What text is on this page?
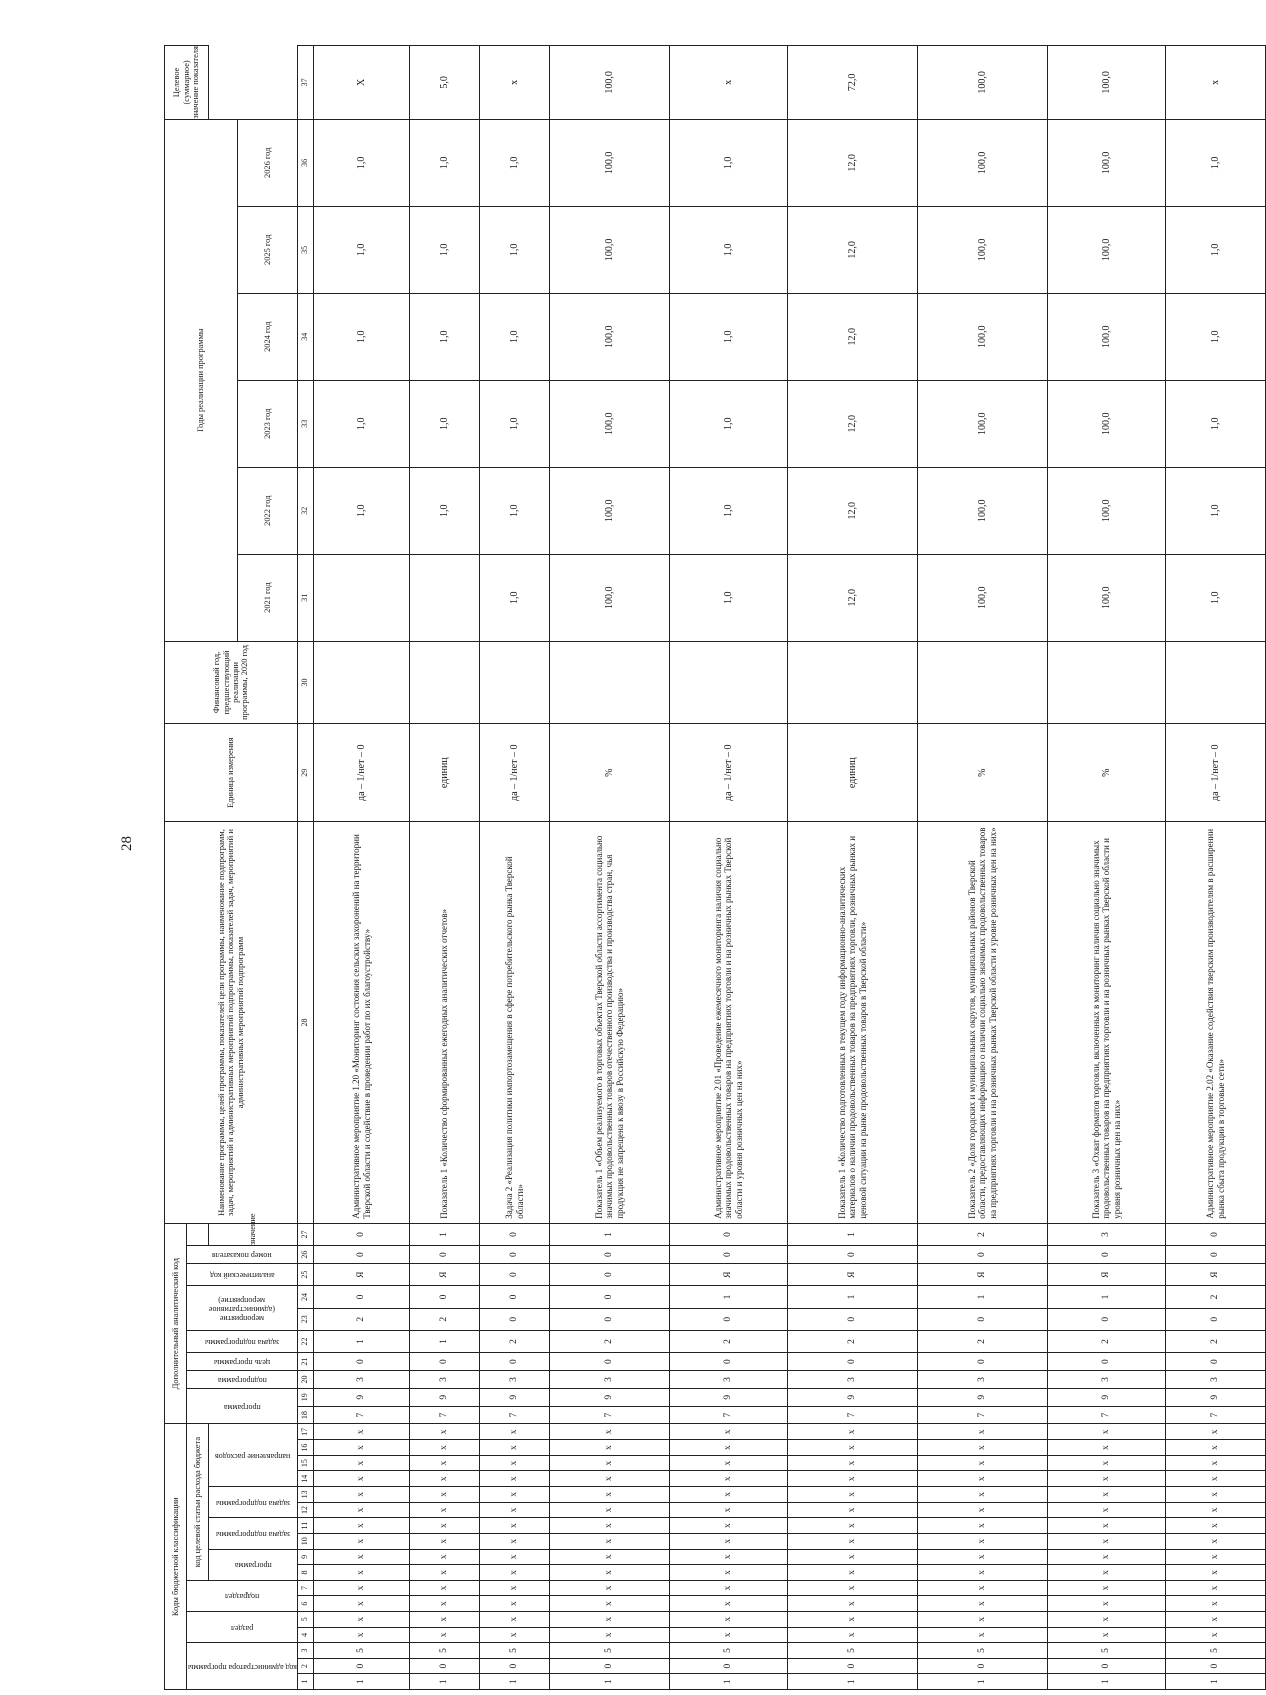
28
Коды бюджетной классификации																	Дополнительный аналитический код										Наименование программы, целей программы, показателей цели программы, наименование подпрограмм, задач, мероприятий и административных мероприятий подпрограммы, показателей задач, мероприятий и административных мероприятий подпрограмм	Единица измерения	Финансовый год, предшествующий реализации программы, 2020 год	Годы реализации программы						Целевое (суммарное) значение показателя

код администратора программы			раздел		подраздел		код целевой статьи расхода бюджета										программа		подпрограмма	цель программы	задача подпрограммы	мероприятие (административное мероприятие)		аналитический код	номер показателя											

							программа		задача подпрограммы		задача подпрограммы		направление расходов													значение										
																														2021 год	2022 год	2023 год	2024 год	2025 год	2026 год	
1	2	3	4	5	6	7	8	9	10	11	12	13	14	15	16	17	18	19	20	21	22	23	24	25	26	27	28	29	30	31	32	33	34	35	36	37
1	0	5	х	х	х	х	х	х	х	х	х	х	х	х	х	х	7	9	3	0	1	2	0	Я	0	0	Административное мероприятие 1.20 «Мониторинг состояния сельских захоронений на территории Тверской области и содействие в проведении работ по их благоустройству»	да – 1/нет – 0			1,0	1,0	1,0	1,0	1,0	Х
1	0	5	х	х	х	х	х	х	х	х	х	х	х	х	х	х	7	9	3	0	1	2	0	Я	0	1	Показатель 1 «Количество сформированных ежегодных аналитических отчетов»	единиц			1,0	1,0	1,0	1,0	1,0	5,0
1	0	5	х	х	х	х	х	х	х	х	х	х	х	х	х	х	7	9	3	0	2	0	0	0	0	0	Задача 2 «Реализация политики импортозамещения в сфере потребительского рынка Тверской области»	да – 1/нет – 0		1,0	1,0	1,0	1,0	1,0	1,0	х
1	0	5	х	х	х	х	х	х	х	х	х	х	х	х	х	х	7	9	3	0	2	0	0	0	0	1	Показатель 1 «Объем реализуемого в торговых объектах Тверской области ассортимента социально значимых продовольственных товаров отечественного производства и производства стран, чья продукция не запрещена к ввозу в Российскую Федерацию»	%		100,0	100,0	100,0	100,0	100,0	100,0	100,0
1	0	5	х	х	х	х	х	х	х	х	х	х	х	х	х	х	7	9	3	0	2	0	1	Я	0	0	Административное мероприятие 2.01 «Проведение ежемесячного мониторинга наличия социально значимых продовольственных товаров на предприятиях торговли и на розничных рынках Тверской области и уровня розничных цен на них»	да – 1/нет – 0		1,0	1,0	1,0	1,0	1,0	1,0	х
1	0	5	х	х	х	х	х	х	х	х	х	х	х	х	х	х	7	9	3	0	2	0	1	Я	0	1	Показатель 1 «Количество подготовленных в текущем году информационно-аналитических материалов о наличии продовольственных товаров на предприятиях торговли, розничных рынках и ценовой ситуации на рынке продовольственных товаров в Тверской области»	единиц		12,0	12,0	12,0	12,0	12,0	12,0	72,0
1	0	5	х	х	х	х	х	х	х	х	х	х	х	х	х	х	7	9	3	0	2	0	1	Я	0	2	Показатель 2 «Доля городских и муниципальных округов, муниципальных районов Тверской области, предоставляющих информацию о наличии социально значимых продовольственных товаров на предприятиях торговли и на розничных рынках Тверской области и уровне розничных цен на них»	%		100,0	100,0	100,0	100,0	100,0	100,0	100,0
1	0	5	х	х	х	х	х	х	х	х	х	х	х	х	х	х	7	9	3	0	2	0	1	Я	0	3	Показатель 3 «Охват форматов торговли, включенных в мониторинг наличия социально значимых продовольственных товаров на предприятиях торговли и на розничных рынках Тверской области и уровня розничных цен на них»	%		100,0	100,0	100,0	100,0	100,0	100,0	100,0
1	0	5	х	х	х	х	х	х	х	х	х	х	х	х	х	х	7	9	3	0	2	0	2	Я	0	0	Административное мероприятие 2.02 «Оказание содействия тверским производителям в расширении рынка сбыта продукции в торговые сети»	да – 1/нет – 0		1,0	1,0	1,0	1,0	1,0	1,0	х
